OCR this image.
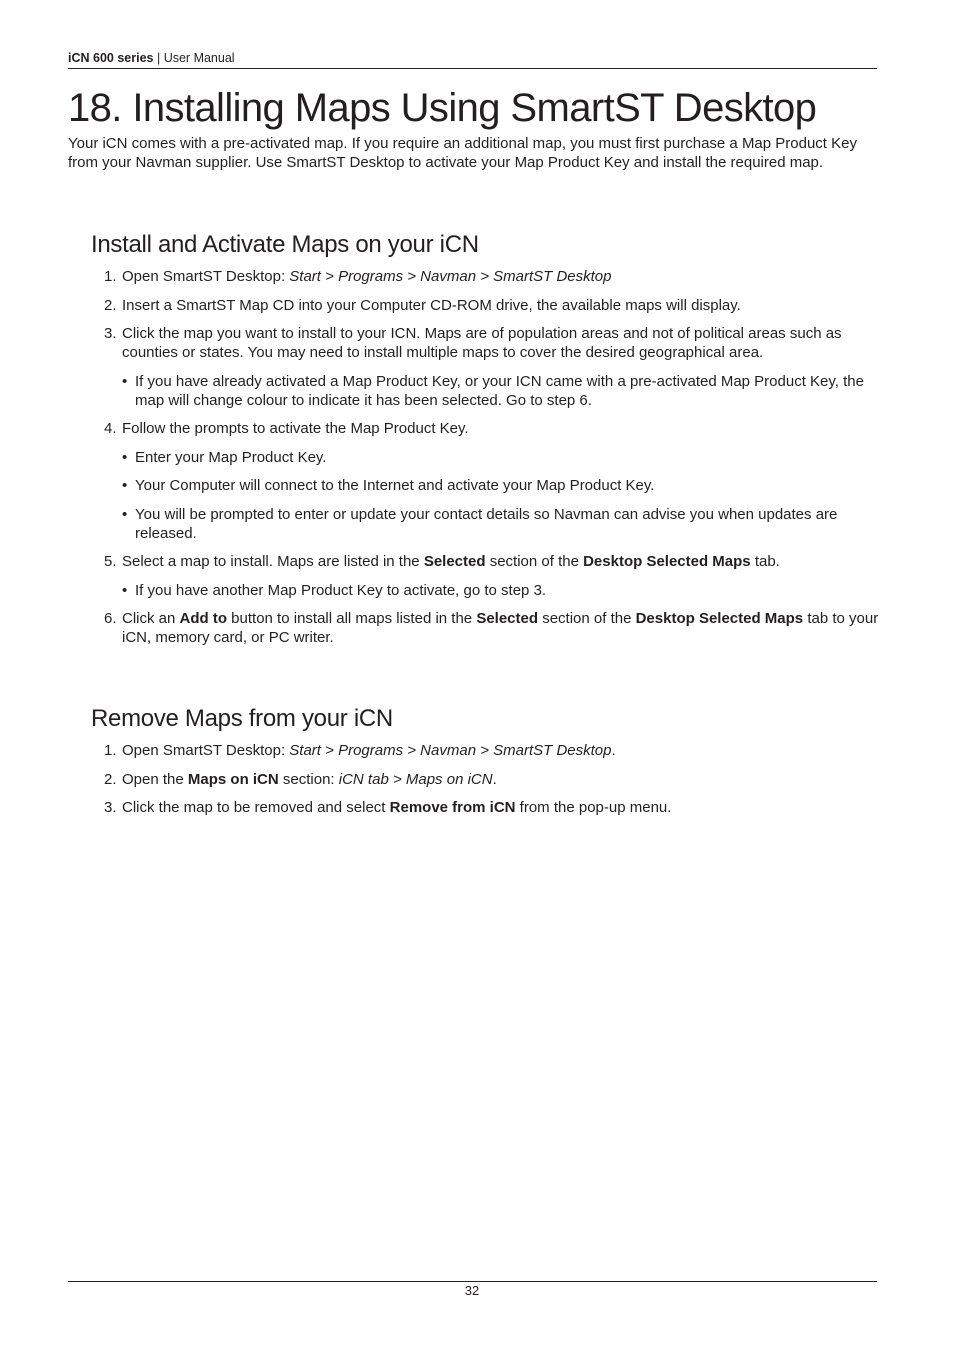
iCN 600 series | User Manual
18. Installing Maps Using SmartST Desktop

Your iCN comes with a pre-activated map. If you require an additional map, you must first purchase a Map Product Key from your Navman supplier. Use SmartST Desktop to activate your Map Product Key and install the required map.

Install and Activate Maps on your iCN
1. Open SmartST Desktop: Start > Programs > Navman > SmartST Desktop
2. Insert a SmartST Map CD into your Computer CD-ROM drive, the available maps will display.
3. Click the map you want to install to your ICN. Maps are of population areas and not of political areas such as counties or states. You may need to install multiple maps to cover the desired geographical area.
• If you have already activated a Map Product Key, or your ICN came with a pre-activated Map Product Key, the map will change colour to indicate it has been selected. Go to step 6.
4. Follow the prompts to activate the Map Product Key.
• Enter your Map Product Key.
• Your Computer will connect to the Internet and activate your Map Product Key.
• You will be prompted to enter or update your contact details so Navman can advise you when updates are released.
5. Select a map to install. Maps are listed in the Selected section of the Desktop Selected Maps tab.
• If you have another Map Product Key to activate, go to step 3.
6. Click an Add to button to install all maps listed in the Selected section of the Desktop Selected Maps tab to your iCN, memory card, or PC writer.
Remove Maps from your iCN
1. Open SmartST Desktop: Start > Programs > Navman > SmartST Desktop.
2. Open the Maps on iCN section: iCN tab > Maps on iCN.
3. Click the map to be removed and select Remove from iCN from the pop-up menu.
32
